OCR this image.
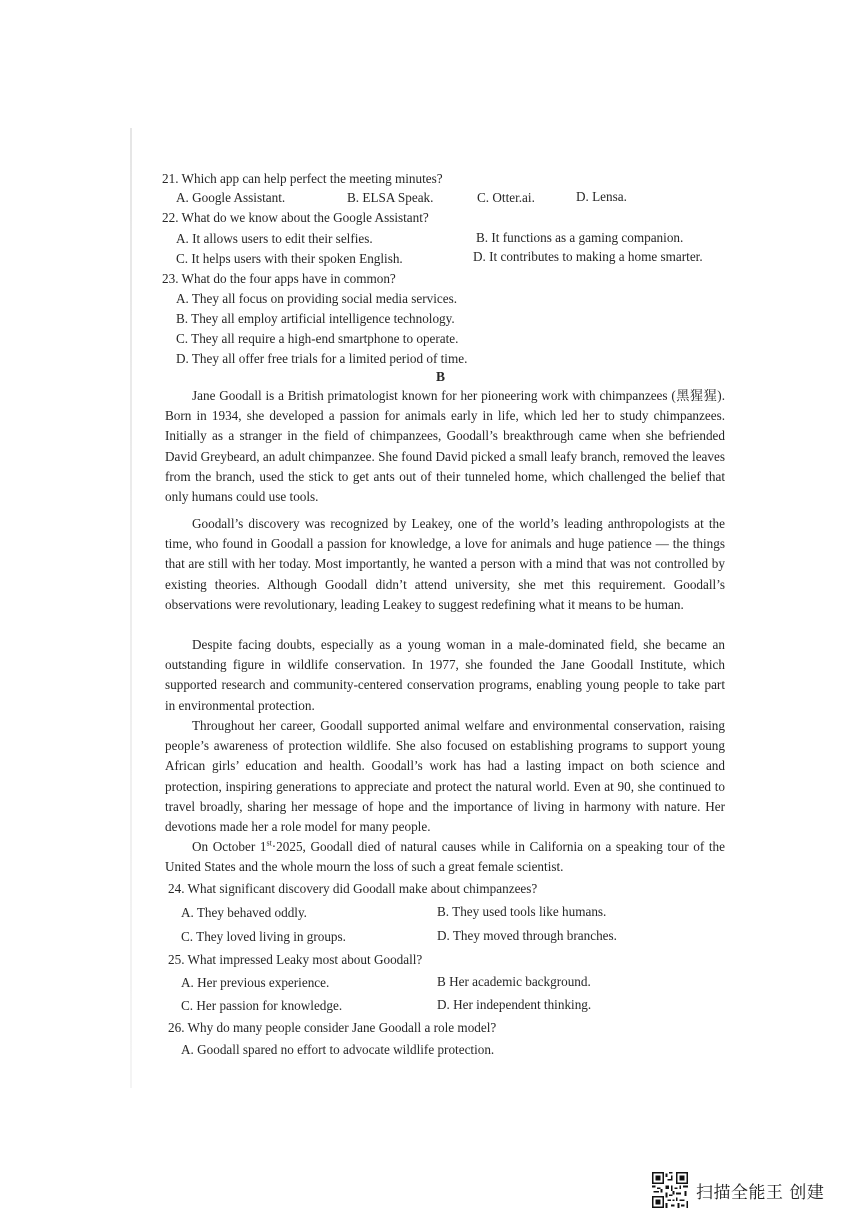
21. Which app can help perfect the meeting minutes?
A. Google Assistant.	B. ELSA Speak.	C. Otter.ai.	D. Lensa.
22. What do we know about the Google Assistant?
A. It allows users to edit their selfies.	B. It functions as a gaming companion.
C. It helps users with their spoken English.	D. It contributes to making a home smarter.
23. What do the four apps have in common?
A. They all focus on providing social media services.
B. They all employ artificial intelligence technology.
C. They all require a high-end smartphone to operate.
D. They all offer free trials for a limited period of time.
B
Jane Goodall is a British primatologist known for her pioneering work with chimpanzees (黑猩猩). Born in 1934, she developed a passion for animals early in life, which led her to study chimpanzees. Initially as a stranger in the field of chimpanzees, Goodall’s breakthrough came when she befriended David Greybeard, an adult chimpanzee. She found David picked a small leafy branch, removed the leaves from the branch, used the stick to get ants out of their tunneled home, which challenged the belief that only humans could use tools.
Goodall’s discovery was recognized by Leakey, one of the world’s leading anthropologists at the time, who found in Goodall a passion for knowledge, a love for animals and huge patience — the things that are still with her today. Most importantly, he wanted a person with a mind that was not controlled by existing theories. Although Goodall didn’t attend university, she met this requirement. Goodall’s observations were revolutionary, leading Leakey to suggest redefining what it means to be human.
Despite facing doubts, especially as a young woman in a male-dominated field, she became an outstanding figure in wildlife conservation. In 1977, she founded the Jane Goodall Institute, which supported research and community-centered conservation programs, enabling young people to take part in environmental protection.
Throughout her career, Goodall supported animal welfare and environmental conservation, raising people’s awareness of protection wildlife. She also focused on establishing programs to support young African girls’ education and health. Goodall’s work has had a lasting impact on both science and protection, inspiring generations to appreciate and protect the natural world. Even at 90, she continued to travel broadly, sharing her message of hope and the importance of living in harmony with nature. Her devotions made her a role model for many people.
On October 1st·2025, Goodall died of natural causes while in California on a speaking tour of the United States and the whole mourn the loss of such a great female scientist.
24. What significant discovery did Goodall make about chimpanzees?
A. They behaved oddly.	B. They used tools like humans.
C. They loved living in groups.	D. They moved through branches.
25. What impressed Leaky most about Goodall?
A. Her previous experience.	B Her academic background.
C. Her passion for knowledge.	D. Her independent thinking.
26. Why do many people consider Jane Goodall a role model?
A. Goodall spared no effort to advocate wildlife protection.
扫描全能王 创建
